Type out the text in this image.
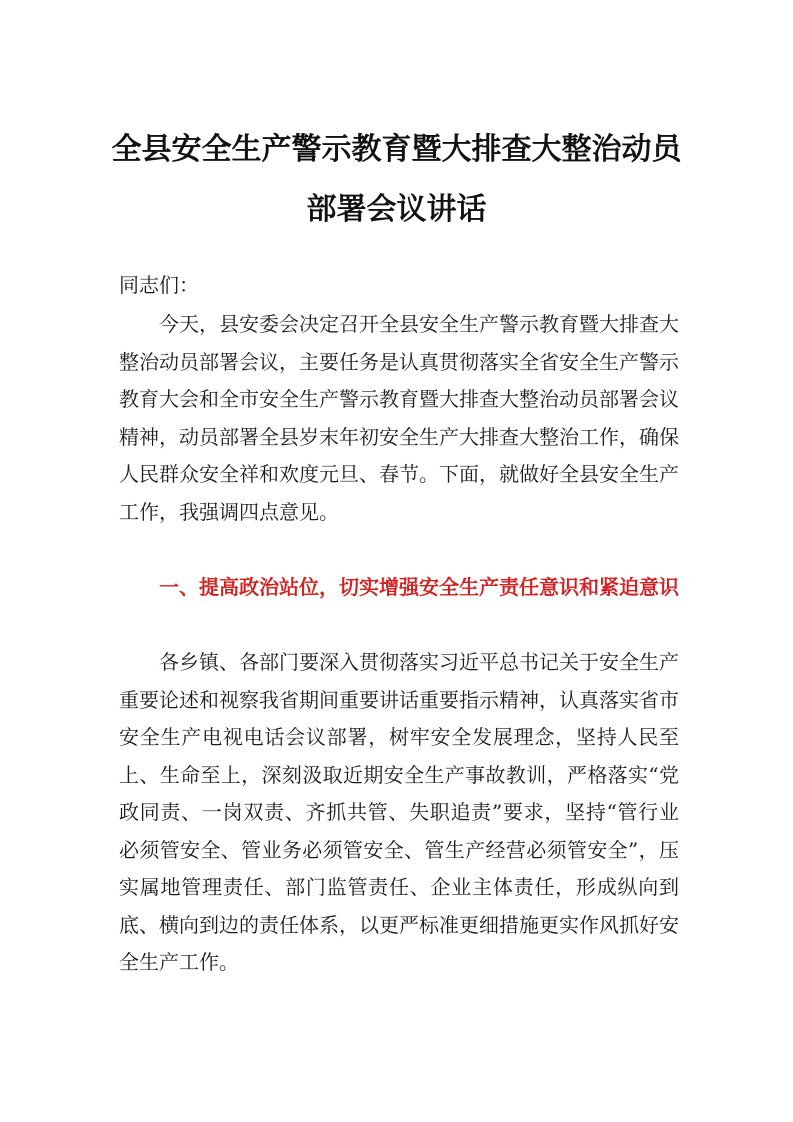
全县安全生产警示教育暨大排查大整治动员
部署会议讲话

同志们：

今天，县安委会决定召开全县安全生产警示教育暨大排查大整治动员部署会议，主要任务是认真贯彻落实全省安全生产警示教育大会和全市安全生产警示教育暨大排查大整治动员部署会议精神，动员部署全县岁末年初安全生产大排查大整治工作，确保人民群众安全祥和欢度元旦、春节。下面，就做好全县安全生产工作，我强调四点意见。

一、提高政治站位，切实增强安全生产责任意识和紧迫意识

各乡镇、各部门要深入贯彻落实习近平总书记关于安全生产重要论述和视察我省期间重要讲话重要指示精神，认真落实省市安全生产电视电话会议部署，树牢安全发展理念，坚持人民至上、生命至上，深刻汲取近期安全生产事故教训，严格落实“党政同责、一岗双责、齐抓共管、失职追责”要求，坚持“管行业必须管安全、管业务必须管安全、管生产经营必须管安全”，压实属地管理责任、部门监管责任、企业主体责任，形成纵向到底、横向到边的责任体系，以更严标准更细措施更实作风抓好安全生产工作。
